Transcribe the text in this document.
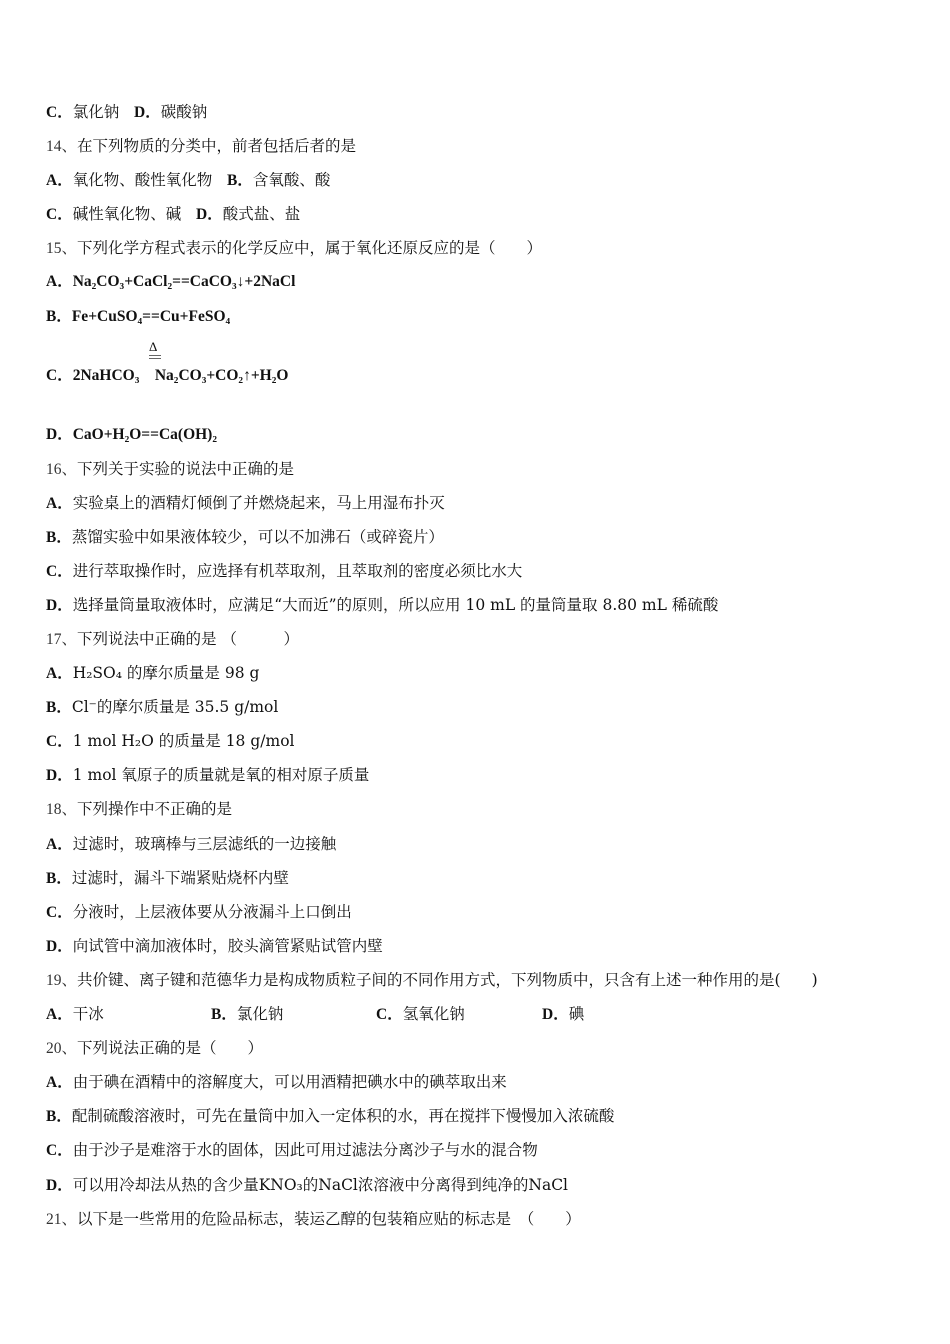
C．氯化钠 D．碳酸钠
14、在下列物质的分类中，前者包括后者的是
A．氧化物、酸性氧化物 B．含氧酸、酸
C．碱性氧化物、碱 D．酸式盐、盐
15、下列化学方程式表示的化学反应中，属于氧化还原反应的是（　　）
A．Na₂CO₃+CaCl₂==CaCO₃↓+2NaCl
B．Fe+CuSO₄==Cu+FeSO₄
Δ
C．2NaHCO₃ Na₂CO₃+CO₂↑+H₂O
D．CaO+H₂O==Ca(OH)₂
16、下列关于实验的说法中正确的是
A．实验桌上的酒精灯倾倒了并燃烧起来，马上用湿布扑灭
B．蒸馏实验中如果液体较少，可以不加沸石（或碎瓷片）
C．进行萃取操作时，应选择有机萃取剂，且萃取剂的密度必须比水大
D．选择量筒量取液体时，应满足“大而近”的原则，所以应用 10 mL 的量筒量取 8.80 mL 稀硫酸
17、下列说法中正确的是 （　　　）
A．H₂SO₄ 的摩尔质量是 98 g
B．Cl⁻的摩尔质量是 35.5 g/mol
C．1 mol H₂O 的质量是 18 g/mol
D．1 mol 氧原子的质量就是氧的相对原子质量
18、下列操作中不正确的是
A．过滤时，玻璃棒与三层滤纸的一边接触
B．过滤时，漏斗下端紧贴烧杯内壁
C．分液时，上层液体要从分液漏斗上口倒出
D．向试管中滴加液体时，胶头滴管紧贴试管内壁
19、共价键、离子键和范德华力是构成物质粒子间的不同作用方式，下列物质中，只含有上述一种作用的是(　　)
A．干冰	B．氯化钠	C．氢氧化钠	D．碘
20、下列说法正确的是（　　）
A．由于碘在酒精中的溶解度大，可以用酒精把碘水中的碘萃取出来
B．配制硫酸溶液时，可先在量筒中加入一定体积的水，再在搅拌下慢慢加入浓硫酸
C．由于沙子是难溶于水的固体，因此可用过滤法分离沙子与水的混合物
D．可以用冷却法从热的含少量KNO₃的NaCl浓溶液中分离得到纯净的NaCl
21、以下是一些常用的危险品标志，装运乙醇的包装箱应贴的标志是　（　　）
